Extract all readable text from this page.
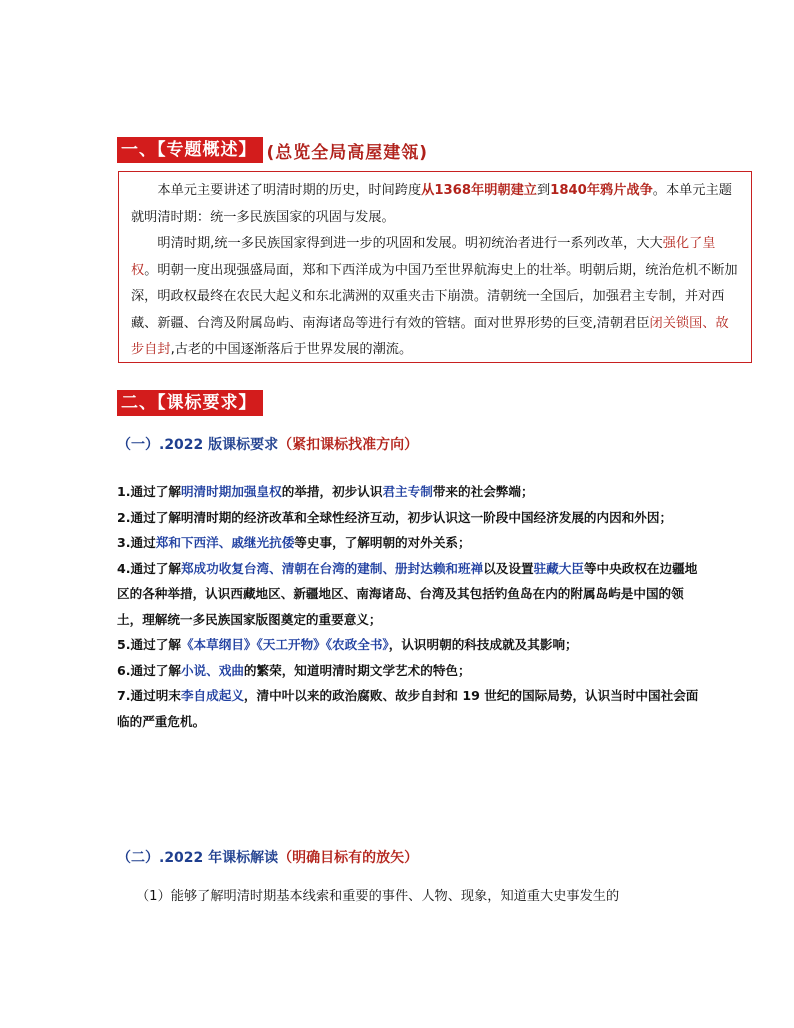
一、【专题概述】 (总览全局高屋建瓴)

本单元主要讲述了明清时期的历史，时间跨度从1368年明朝建立到1840年鸦片战争。本单元主题就明清时期：统一多民族国家的巩固与发展。

明清时期,统一多民族国家得到进一步的巩固和发展。明初统治者进行一系列改革，大大强化了皇权。明朝一度出现强盛局面，郑和下西洋成为中国乃至世界航海史上的壮举。明朝后期，统治危机不断加深，明政权最终在农民大起义和东北满洲的双重夹击下崩溃。清朝统一全国后，加强君主专制，并对西藏、新疆、台湾及附属岛屿、南海诸岛等进行有效的管辖。面对世界形势的巨变,清朝君臣闭关锁国、故步自封,古老的中国逐渐落后于世界发展的潮流。

二、【课标要求】
（一）.2022 版课标要求（紧扣课标找准方向）
1.通过了解明清时期加强皇权的举措，初步认识君主专制带来的社会弊端；
2.通过了解明清时期的经济改革和全球性经济互动，初步认识这一阶段中国经济发展的内因和外因；
3.通过郑和下西洋、戚继光抗倭等史事，了解明朝的对外关系；
4.通过了解郑成功收复台湾、清朝在台湾的建制、册封达赖和班禅以及设置驻藏大臣等中央政权在边疆地区的各种举措，认识西藏地区、新疆地区、南海诸岛、台湾及其包括钓鱼岛在内的附属岛屿是中国的领土，理解统一多民族国家版图奠定的重要意义；
5.通过了解《本草纲目》《天工开物》《农政全书》，认识明朝的科技成就及其影响；
6.通过了解小说、戏曲的繁荣，知道明清时期文学艺术的特色；
7.通过明末李自成起义，清中叶以来的政治腐败、故步自封和 19 世纪的国际局势，认识当时中国社会面临的严重危机。
（二）.2022 年课标解读（明确目标有的放矢）
（1）能够了解明清时期基本线索和重要的事件、人物、现象，知道重大史事发生的
